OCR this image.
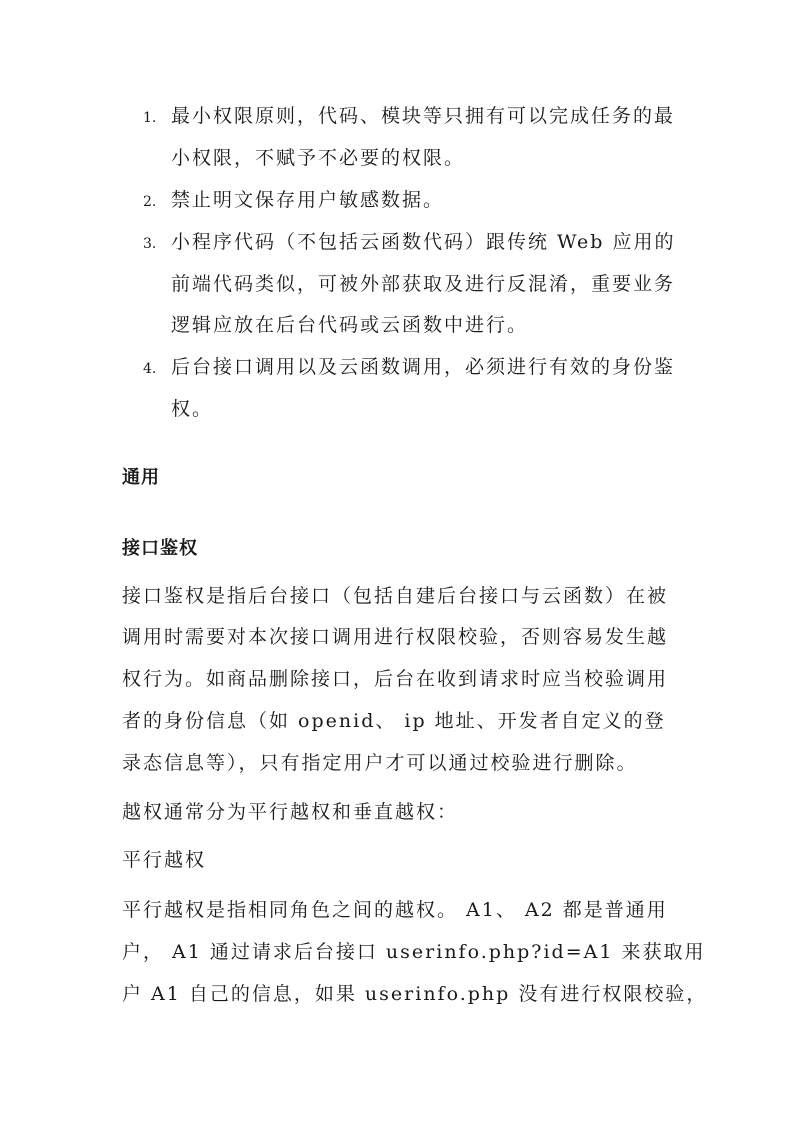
1. 最小权限原则，代码、模块等只拥有可以完成任务的最
小权限，不赋予不必要的权限。
2. 禁止明文保存用户敏感数据。
3. 小程序代码（不包括云函数代码）跟传统 Web 应用的
前端代码类似，可被外部获取及进行反混淆，重要业务
逻辑应放在后台代码或云函数中进行。
4. 后台接口调用以及云函数调用，必须进行有效的身份鉴
权。
通用
接口鉴权
接口鉴权是指后台接口（包括自建后台接口与云函数）在被
调用时需要对本次接口调用进行权限校验，否则容易发生越
权行为。如商品删除接口，后台在收到请求时应当校验调用
者的身份信息（如 openid、 ip 地址、开发者自定义的登
录态信息等），只有指定用户才可以通过校验进行删除。
越权通常分为平行越权和垂直越权：
平行越权
平行越权是指相同角色之间的越权。 A1、 A2 都是普通用
户， A1 通过请求后台接口 userinfo.php?id=A1 来获取用
户 A1 自己的信息，如果 userinfo.php 没有进行权限校验，
